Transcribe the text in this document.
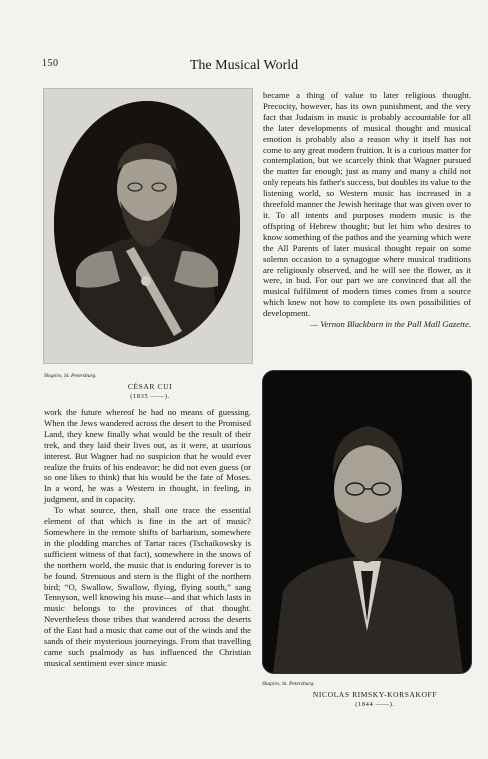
150	The Musical World

became a thing of value to later religious thought. Precocity, however, has its own punishment, and the very fact that Judaism in music is probably accountable for all the later developments of musical thought and musical emotion is probably also a reason why it itself has not come to any great modern fruition. It is a curious matter for contemplation, but we scarcely think that Wagner pursued the matter far enough; just as many and many a child not only repeats his father's success, but doubles its value to the listening world, so Western music has increased in a threefold manner the Jewish heritage that was given over to it. To all intents and purposes modern music is the offspring of Hebrew thought; but let him who desires to know something of the pathos and the yearning which were the All Parents of later musical thought repair on some solemn occasion to a synagogue where musical traditions are religiously observed, and he will see the flower, as it were, in bud. For our part we are convinced that all the musical fulfilment of modern times comes from a source which knew not how to complete its own possibilities of development.

— Vernon Blackburn in the Pall Mall Gazette.

Shapiro, St. Petersburg.
CÉSAR CUI
(1835 ——).

work the future whereof he had no means of guessing. When the Jews wandered across the desert to the Promised Land, they knew finally what would be the result of their trek, and they laid their lives out, as it were, at usurious interest. But Wagner had no suspicion that he would ever realize the fruits of his endeavor; he did not even guess (or so one likes to think) that his would be the fate of Moses. In a word, he was a Western in thought, in feeling, in judgment, and in capacity.

To what source, then, shall one trace the essential element of that which is fine in the art of music? Somewhere in the remote shifts of barbarism, somewhere in the plodding marches of Tartar races (Tschaikowsky is sufficient witness of that fact), somewhere in the snows of the northern world, the music that is enduring forever is to be found. Strenuous and stern is the flight of the northern bird; “O, Swallow, Swallow, flying, flying south,” sang Tennyson, well knowing his muse—and that which lasts in music belongs to the provinces of that thought. Nevertheless those tribes that wandered across the deserts of the East had a music that came out of the winds and the sands of their mysterious journeyings. From that travelling came such psalmody as has influenced the Christian musical sentiment ever since music

Shapiro, St. Petersburg.
NICOLAS RIMSKY-KORSAKOFF
(1844 ——).
